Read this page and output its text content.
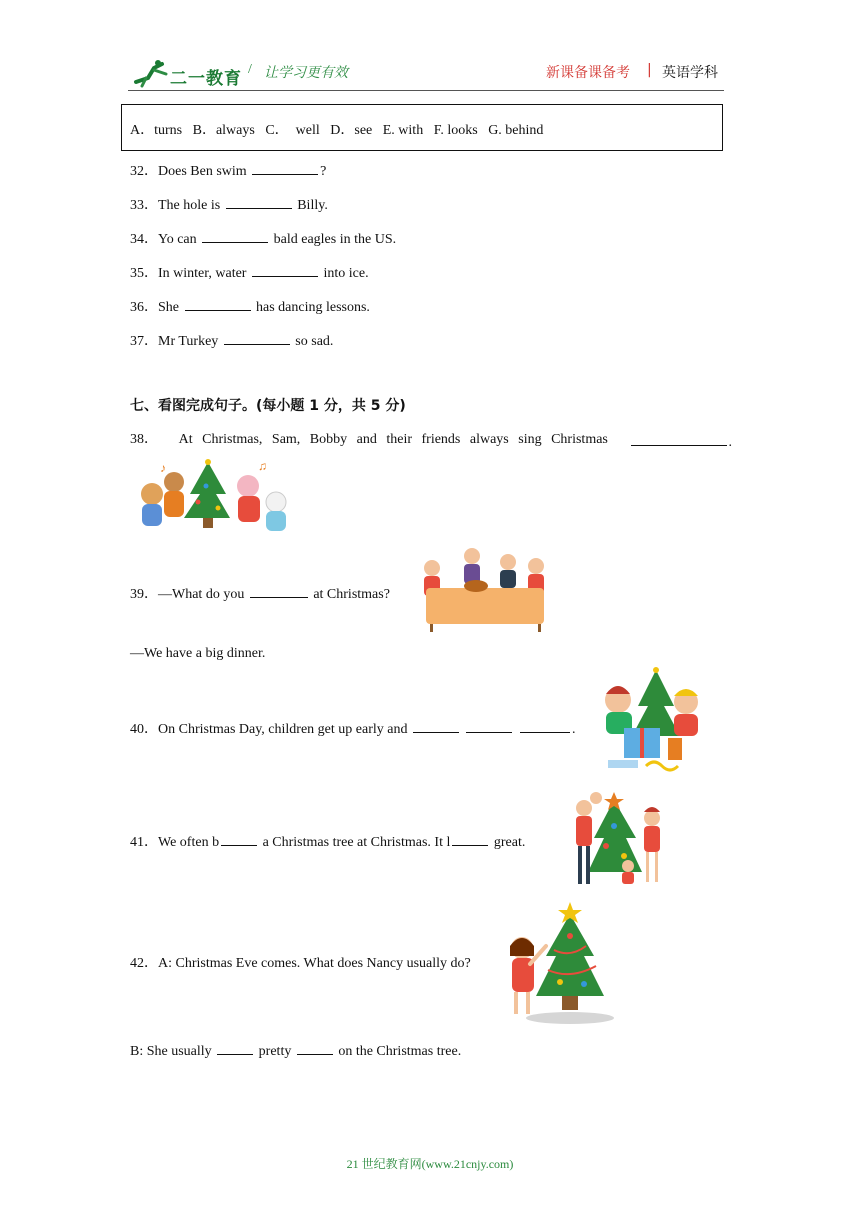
二一教育 / 让学习更有效	新课备课备考 | 英语学科
A．turns   B．always   C．  well   D．see   E. with   F. looks   G. behind
32．Does Ben swim	?
33．The hole is	Billy.
34．Yo can	bald eagles in the US.
35．In winter, water	into ice.
36．She	has dancing lessons.
37．Mr Turkey	so sad.
七、看图完成句子。(每小题 1 分，共 5 分)
38． At Christmas, Sam, Bobby and their friends always sing Christmas	.
♪	♫
39．—What do you	at Christmas?
—We have a big dinner.
40．On Christmas Day, children get up early and	.
41．We often b	a Christmas tree at Christmas. It l	great.
42．A: Christmas Eve comes. What does Nancy usually do?
B: She usually	pretty	on the Christmas tree.
21 世纪教育网(www.21cnjy.com)
